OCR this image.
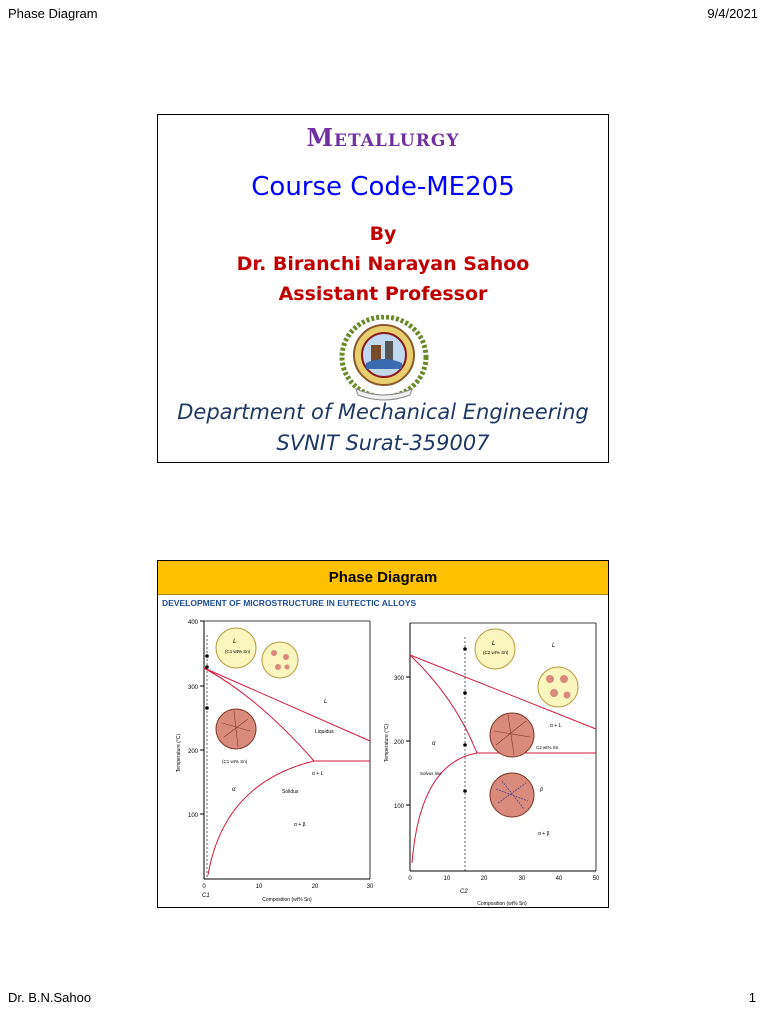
Phase Diagram	9/4/2021
Metallurgy
Course Code-ME205
By
Dr. Biranchi Narayan Sahoo
Assistant Professor
Department of Mechanical Engineering
SVNIT Surat-359007
Phase Diagram
DEVELOPMENT OF MICROSTRUCTURE IN EUTECTIC ALLOYS
400
300
200
100
0	10	20	30
Composition (wt% Sn)
Temperature (°C)
L
(C1 wt% Sn)
(C1 wt% Sn)
L
Liquidus
α + L
Solidus
α
α + β
C1
300
200
100
0	10	20	30	40	50
Composition (wt% Sn)
Temperature (°C)
L
(C2 wt% Sn)
C2 wt% Sn
β
L
α + L
α
α + β
Solvus line
C2
Dr. B.N.Sahoo	1
